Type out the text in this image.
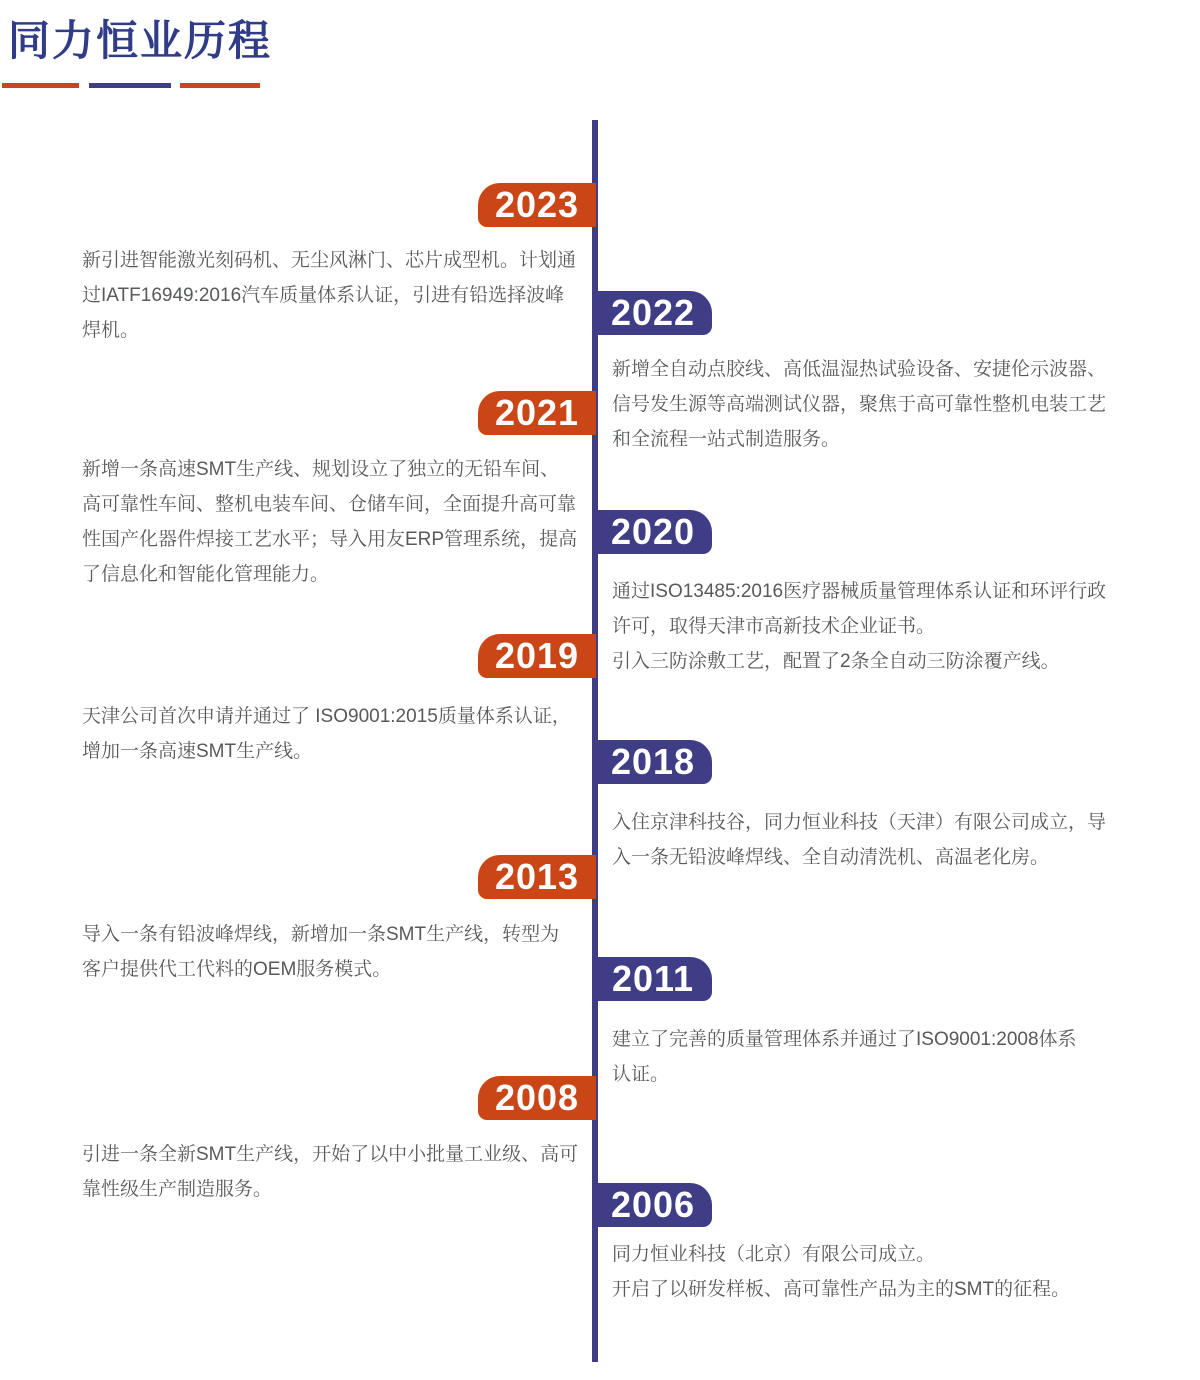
同力恒业历程
2023
新引进智能激光刻码机、无尘风淋门、芯片成型机。计划通
过IATF16949:2016汽车质量体系认证，引进有铅选择波峰
焊机。	2022
新增全自动点胶线、高低温湿热试验设备、安捷伦示波器、
信号发生源等高端测试仪器，聚焦于高可靠性整机电装工艺
和全流程一站式制造服务。
2021
新增一条高速SMT生产线、规划设立了独立的无铅车间、
高可靠性车间、整机电装车间、仓储车间，全面提升高可靠
性国产化器件焊接工艺水平；导入用友ERP管理系统，提高
了信息化和智能化管理能力。
2020
通过ISO13485:2016医疗器械质量管理体系认证和环评行政
许可，取得天津市高新技术企业证书。
引入三防涂敷工艺，配置了2条全自动三防涂覆产线。
2019
天津公司首次申请并通过了 ISO9001:2015质量体系认证，
增加一条高速SMT生产线。	2018
入住京津科技谷，同力恒业科技（天津）有限公司成立，导
入一条无铅波峰焊线、全自动清洗机、高温老化房。
2013
导入一条有铅波峰焊线，新增加一条SMT生产线，转型为
客户提供代工代料的OEM服务模式。	2011
建立了完善的质量管理体系并通过了ISO9001:2008体系
认证。
2008
引进一条全新SMT生产线，开始了以中小批量工业级、高可
靠性级生产制造服务。	2006
同力恒业科技（北京）有限公司成立。
开启了以研发样板、高可靠性产品为主的SMT的征程。
